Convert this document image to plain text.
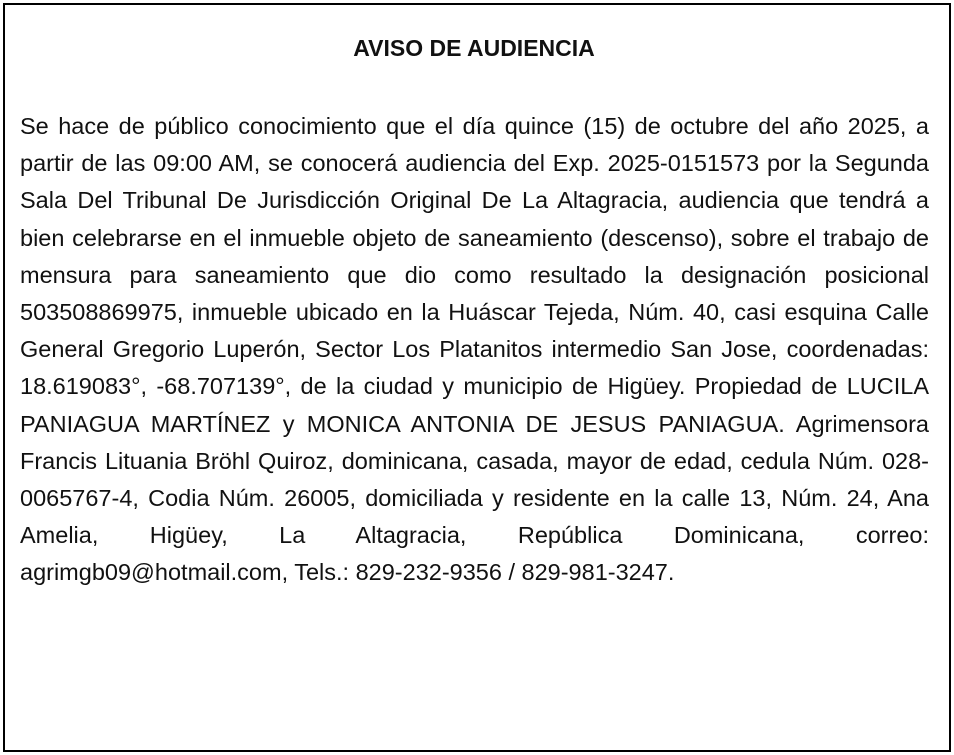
AVISO DE AUDIENCIA

Se hace de público conocimiento que el día quince (15) de octubre del año 2025, a partir de las 09:00 AM, se conocerá audiencia del Exp. 2025-0151573 por la Segunda Sala Del Tribunal De Jurisdicción Original De La Altagracia, audiencia que tendrá a bien celebrarse en el inmueble objeto de saneamiento (descenso), sobre el trabajo de mensura para saneamiento que dio como resultado la designación posicional 503508869975, inmueble ubicado en la Huáscar Tejeda, Núm. 40, casi esquina Calle General Gregorio Luperón, Sector Los Platanitos intermedio San Jose, coordenadas: 18.619083°, -68.707139°, de la ciudad y municipio de Higüey. Propiedad de LUCILA PANIAGUA MARTÍNEZ y MONICA ANTONIA DE JESUS PANIAGUA. Agrimensora Francis Lituania Bröhl Quiroz, dominicana, casada, mayor de edad, cedula Núm. 028-0065767-4, Codia Núm. 26005, domiciliada y residente en la calle 13, Núm. 24, Ana Amelia, Higüey, La Altagracia, República Dominicana, correo: agrimgb09@hotmail.com, Tels.: 829-232-9356 / 829-981-3247.
